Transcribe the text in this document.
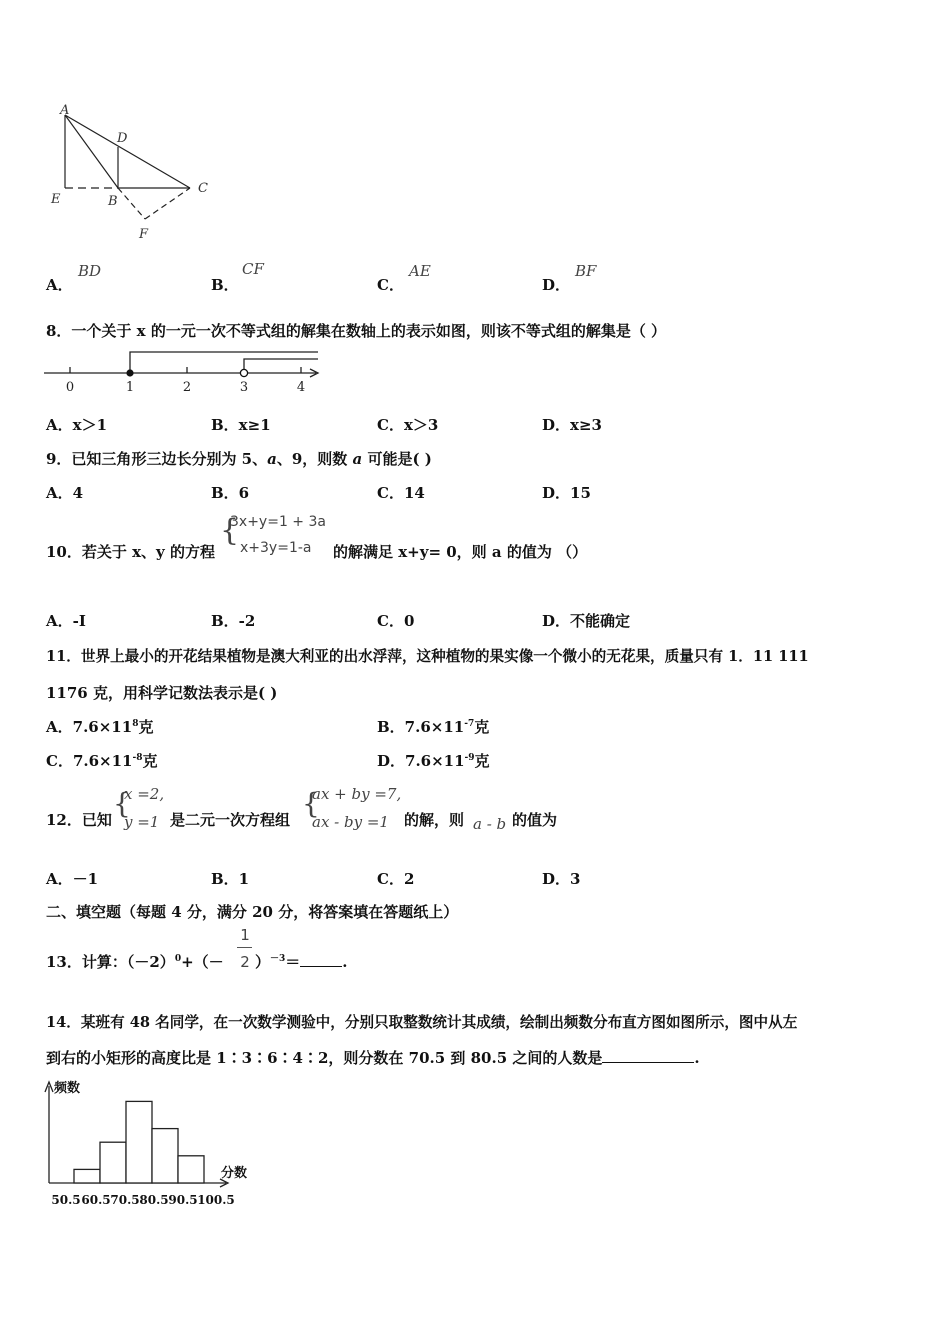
A
D
E	B
C
F
A．
BD
B．
CF
C．
AE
D．
BF
8．一个关于 x 的一元一次不等式组的解集在数轴上的表示如图，则该不等式组的解集是（ ）
0	1	2	3	4
A．x＞1	B．x≥1	C．x＞3	D．x≥3
9．已知三角形三边长分别为 5、a、9，则数 a 可能是( )
A．4	B．6	C．14	D．15
10．若关于 x、y 的方程
{
3x+y=1 + 3a
x+3y=1-a 的解满足 x+y= 0，则 a 的值为 （）
A．-I	B．-2	C．0	D．不能确定
11．世界上最小的开花结果植物是澳大利亚的出水浮萍，这种植物的果实像一个微小的无花果，质量只有 1．11 111
1176 克，用科学记数法表示是( )
A．$7.6\times 11^8$克	B．$7.6\times 11^{-7}$克
C．$7.6\times 11^{-8}$克	D．$7.6\times 11^{-9}$克
12．已知 {
x =2,
y =1 是二元一次方程组 {
ax + by =7,
ax - by =1 的解，则 a - b 的值为
A．－1	B．1	C．2	D．3
二、填空题（每题 4 分，满分 20 分，将答案填在答题纸上）
13．计算：$(-2)^0+(-$
1
2 ）$^{-3}$＝	.
14．某班有 48 名同学，在一次数学测验中，分别只取整数统计其成绩，绘制出频数分布直方图如图所示，图中从左
到右的小矩形的高度比是 1∶3∶6∶4∶2，则分数在 70.5 到 80.5 之间的人数是	.
频数
分数
50.5 60.5 70.5 80.5 90.5 100.5
